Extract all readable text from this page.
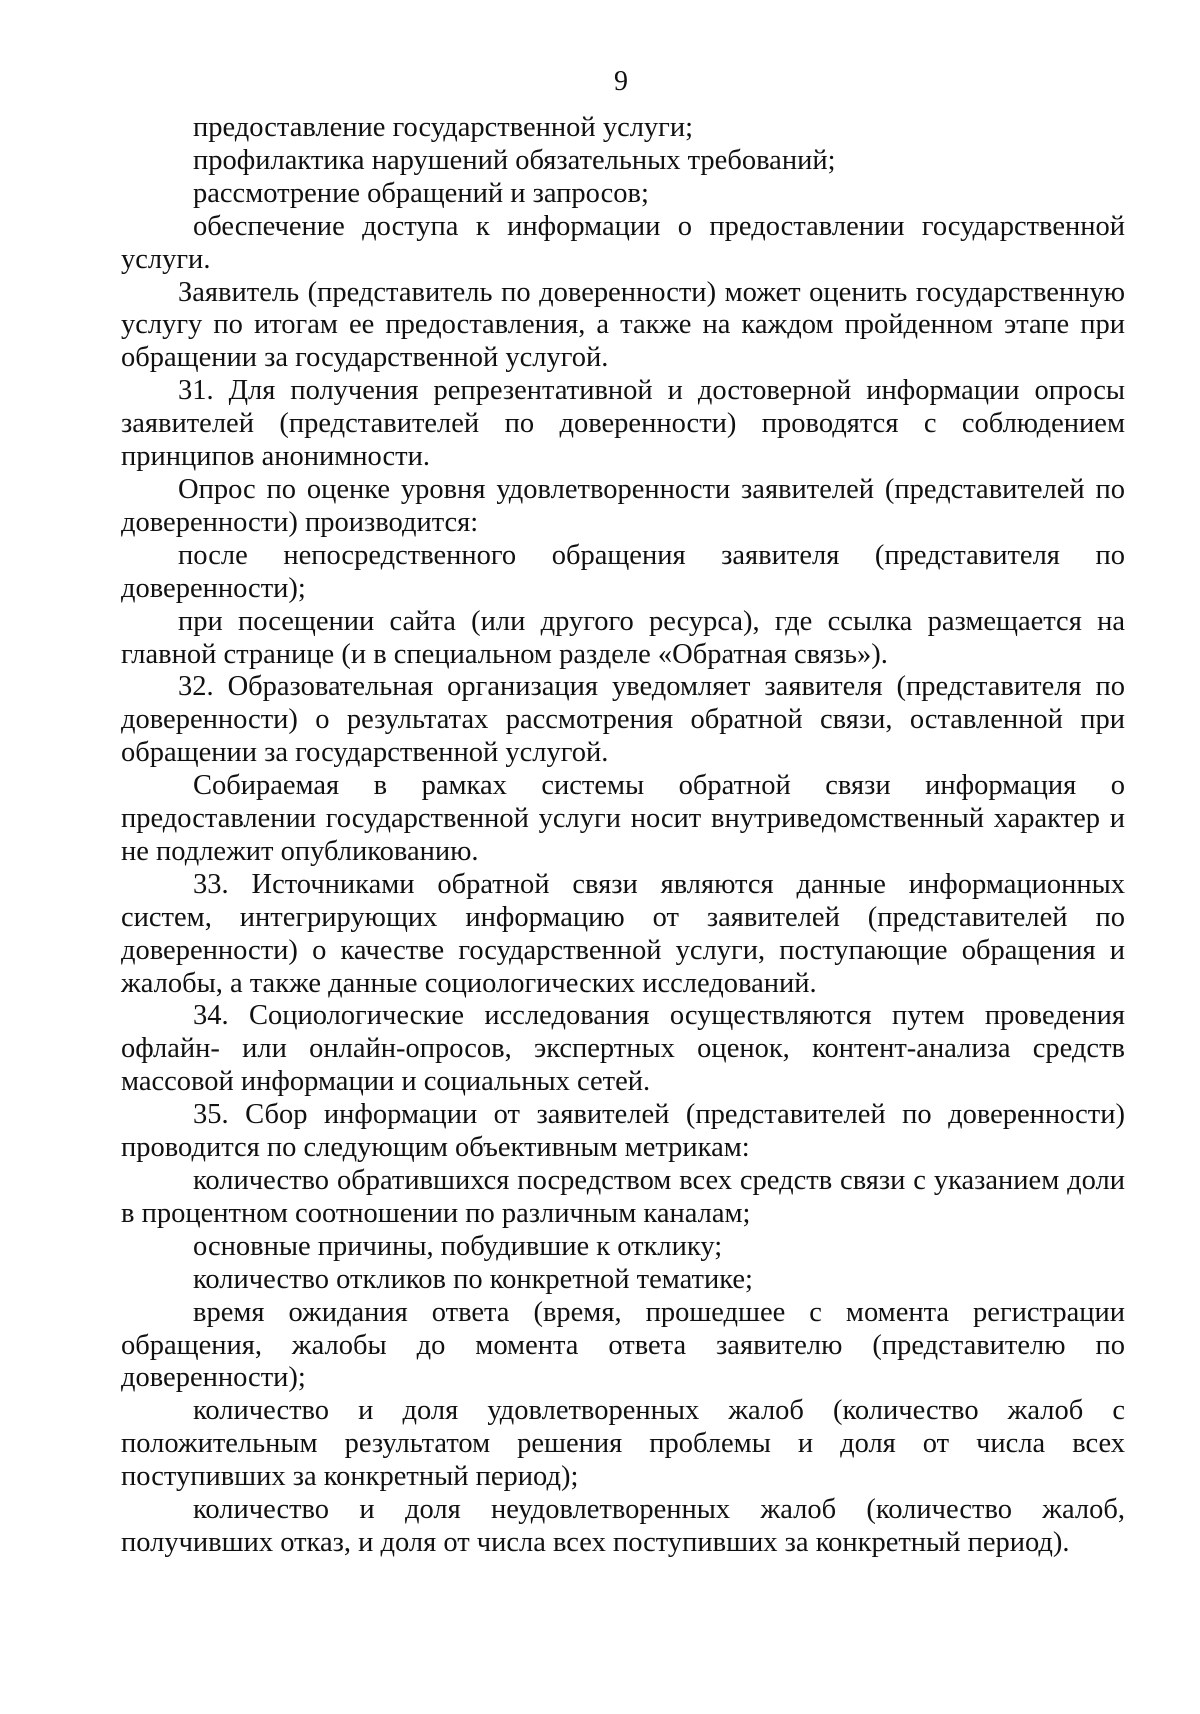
9

предоставление государственной услуги;

профилактика нарушений обязательных требований;

рассмотрение обращений и запросов;

обеспечение доступа к информации о предоставлении государственной услуги.

Заявитель (представитель по доверенности) может оценить государственную услугу по итогам ее предоставления, а также на каждом пройденном этапе при обращении за государственной услугой.

31. Для получения репрезентативной и достоверной информации опросы заявителей (представителей по доверенности) проводятся с соблюдением принципов анонимности.

Опрос по оценке уровня удовлетворенности заявителей (представителей по доверенности) производится:

после непосредственного обращения заявителя (представителя по доверенности);

при посещении сайта (или другого ресурса), где ссылка размещается на главной странице (и в специальном разделе «Обратная связь»).

32. Образовательная организация уведомляет заявителя (представителя по доверенности) о результатах рассмотрения обратной связи, оставленной при обращении за государственной услугой.

Собираемая в рамках системы обратной связи информация о предоставлении государственной услуги носит внутриведомственный характер и не подлежит опубликованию.

33. Источниками обратной связи являются данные информационных систем, интегрирующих информацию от заявителей (представителей по доверенности) о качестве государственной услуги, поступающие обращения и жалобы, а также данные социологических исследований.

34. Социологические исследования осуществляются путем проведения офлайн- или онлайн-опросов, экспертных оценок, контент-анализа средств массовой информации и социальных сетей.

35. Сбор информации от заявителей (представителей по доверенности) проводится по следующим объективным метрикам:

количество обратившихся посредством всех средств связи с указанием доли в процентном соотношении по различным каналам;

основные причины, побудившие к отклику;

количество откликов по конкретной тематике;

время ожидания ответа (время, прошедшее с момента регистрации обращения, жалобы до момента ответа заявителю (представителю по доверенности);

количество и доля удовлетворенных жалоб (количество жалоб с положительным результатом решения проблемы и доля от числа всех поступивших за конкретный период);

количество и доля неудовлетворенных жалоб (количество жалоб, получивших отказ, и доля от числа всех поступивших за конкретный период).
